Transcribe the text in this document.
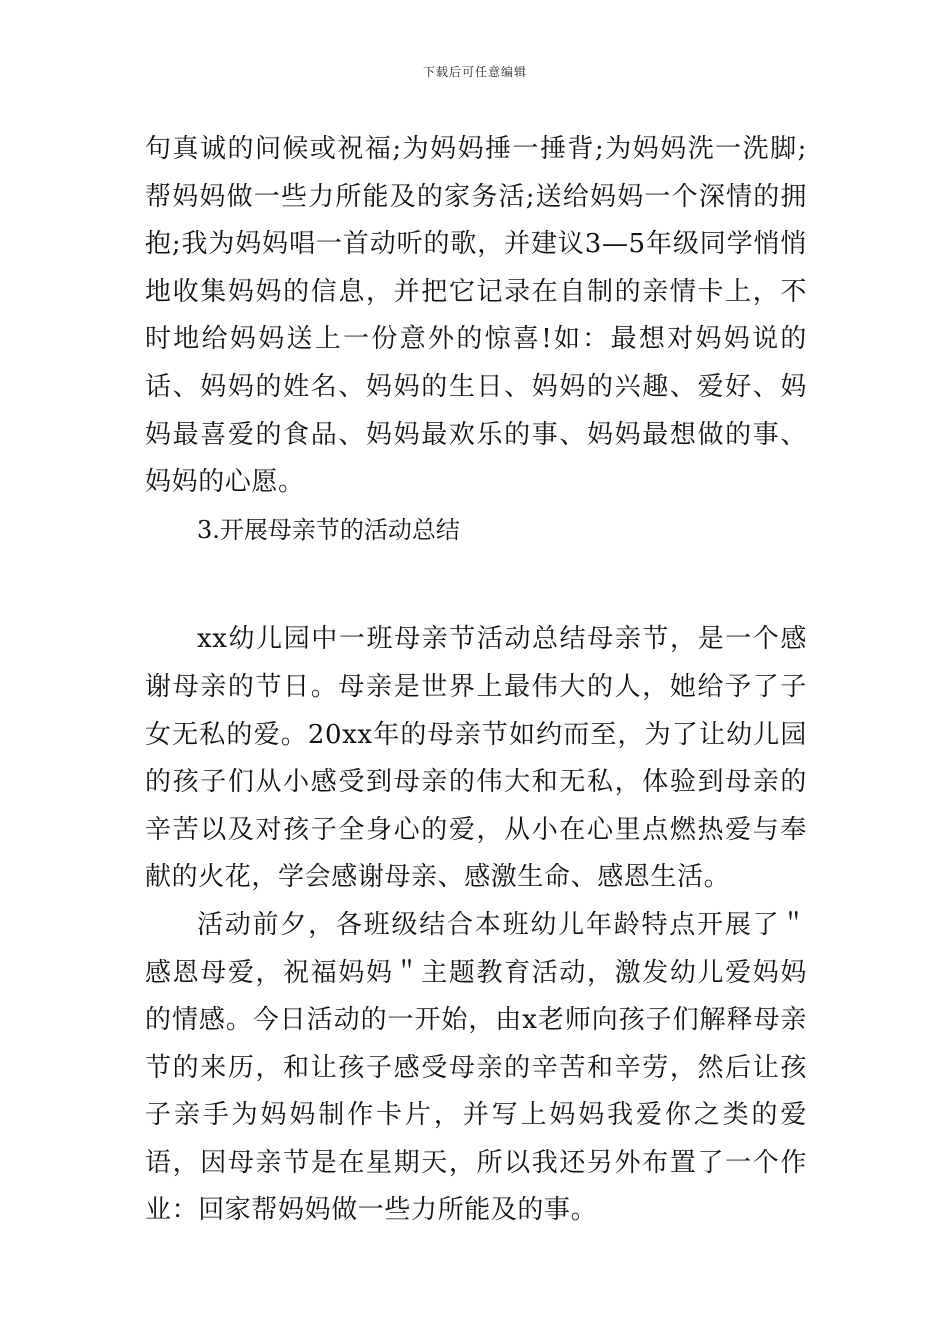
下载后可任意编辑

句真诚的问候或祝福;为妈妈捶一捶背;为妈妈洗一洗脚;帮妈妈做一些力所能及的家务活;送给妈妈一个深情的拥抱;我为妈妈唱一首动听的歌，并建议3—5年级同学悄悄地收集妈妈的信息，并把它记录在自制的亲情卡上，不时地给妈妈送上一份意外的惊喜!如：最想对妈妈说的话、妈妈的姓名、妈妈的生日、妈妈的兴趣、爱好、妈妈最喜爱的食品、妈妈最欢乐的事、妈妈最想做的事、妈妈的心愿。

3.开展母亲节的活动总结

xx幼儿园中一班母亲节活动总结母亲节，是一个感谢母亲的节日。母亲是世界上最伟大的人，她给予了子女无私的爱。20xx年的母亲节如约而至，为了让幼儿园的孩子们从小感受到母亲的伟大和无私，体验到母亲的辛苦以及对孩子全身心的爱，从小在心里点燃热爱与奉献的火花，学会感谢母亲、感激生命、感恩生活。

活动前夕，各班级结合本班幼儿年龄特点开展了＂感恩母爱，祝福妈妈＂主题教育活动，激发幼儿爱妈妈的情感。今日活动的一开始，由x老师向孩子们解释母亲节的来历，和让孩子感受母亲的辛苦和辛劳，然后让孩子亲手为妈妈制作卡片，并写上妈妈我爱你之类的爱语，因母亲节是在星期天，所以我还另外布置了一个作业：回家帮妈妈做一些力所能及的事。
